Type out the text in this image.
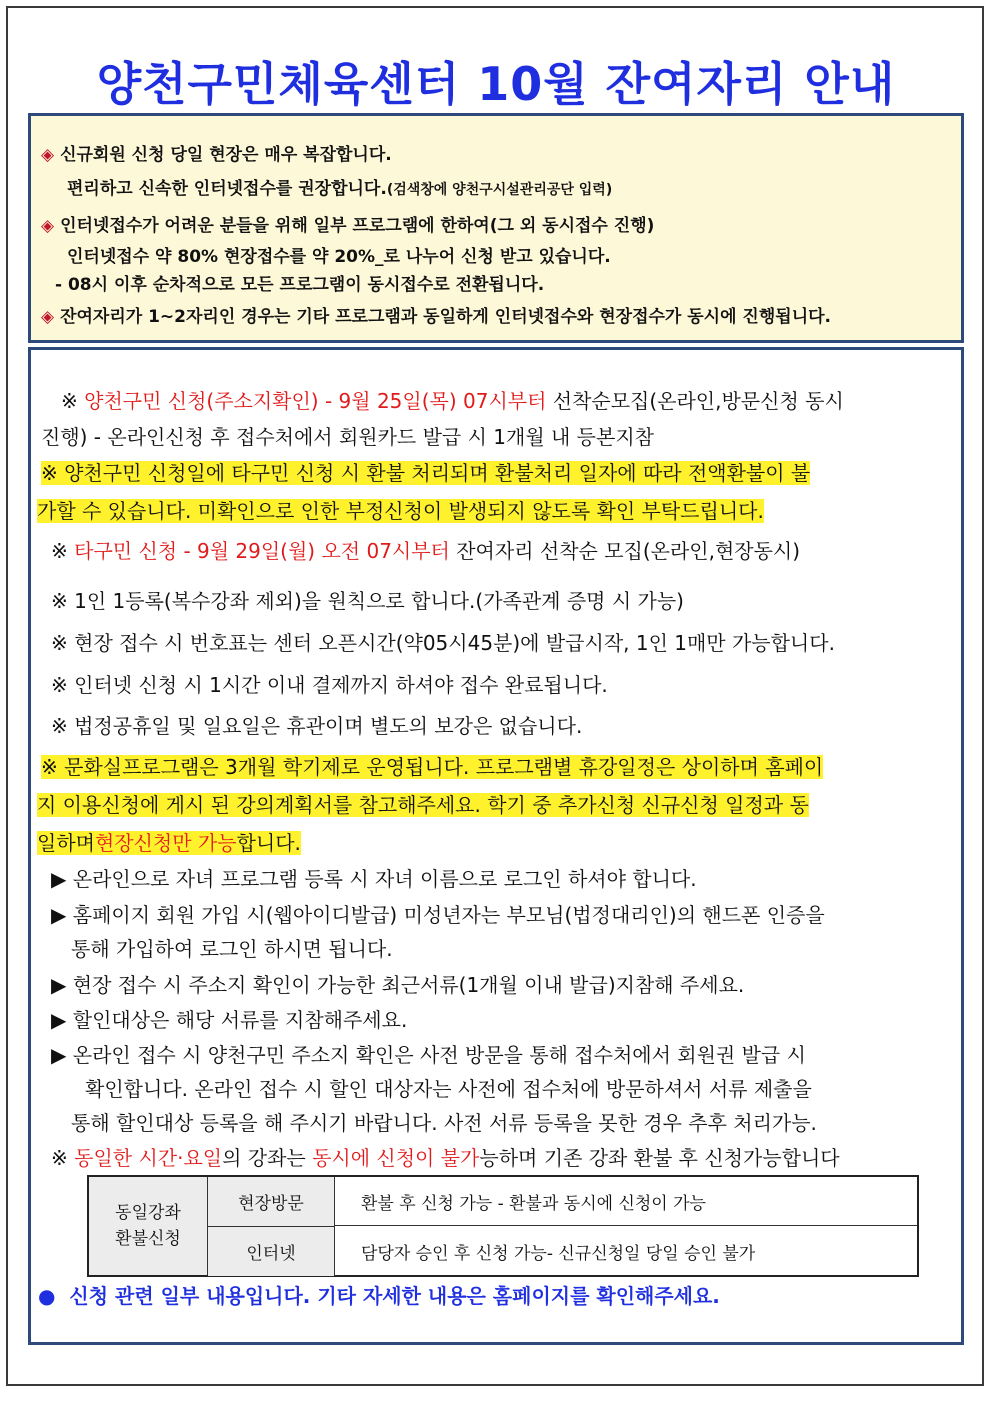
양천구민체육센터 10월 잔여자리 안내
◈ 신규회원 신청 당일 현장은 매우 복잡합니다.
편리하고 신속한 인터넷접수를 권장합니다.(검색창에 양천구시설관리공단 입력)
◈ 인터넷접수가 어려운 분들을 위해 일부 프로그램에 한하여(그 외 동시접수 진행)
인터넷접수 약 80% 현장접수를 약 20%_로 나누어 신청 받고 있습니다.
- 08시 이후 순차적으로 모든 프로그램이 동시접수로 전환됩니다.
◈ 잔여자리가 1~2자리인 경우는 기타 프로그램과 동일하게 인터넷접수와 현장접수가 동시에 진행됩니다.
※ 양천구민 신청(주소지확인) - 9월 25일(목) 07시부터 선착순모집(온라인,방문신청 동시
진행) - 온라인신청 후 접수처에서 회원카드 발급 시 1개월 내 등본지참
※ 양천구민 신청일에 타구민 신청 시 환불 처리되며 환불처리 일자에 따라 전액환불이 불
가할 수 있습니다. 미확인으로 인한 부정신청이 발생되지 않도록 확인 부탁드립니다.
※ 타구민 신청 - 9월 29일(월) 오전 07시부터 잔여자리 선착순 모집(온라인,현장동시)
※ 1인 1등록(복수강좌 제외)을 원칙으로 합니다.(가족관계 증명 시 가능)
※ 현장 접수 시 번호표는 센터 오픈시간(약05시45분)에 발급시작, 1인 1매만 가능합니다.
※ 인터넷 신청 시 1시간 이내 결제까지 하셔야 접수 완료됩니다.
※ 법정공휴일 및 일요일은 휴관이며 별도의 보강은 없습니다.
※ 문화실프로그램은 3개월 학기제로 운영됩니다. 프로그램별 휴강일정은 상이하며 홈페이
지 이용신청에 게시 된 강의계획서를 참고해주세요. 학기 중 추가신청 신규신청 일정과 동
일하며현장신청만 가능합니다.
▶ 온라인으로 자녀 프로그램 등록 시 자녀 이름으로 로그인 하셔야 합니다.
▶ 홈페이지 회원 가입 시(웹아이디발급) 미성년자는 부모님(법정대리인)의 핸드폰 인증을
통해 가입하여 로그인 하시면 됩니다.
▶ 현장 접수 시 주소지 확인이 가능한 최근서류(1개월 이내 발급)지참해 주세요.
▶ 할인대상은 해당 서류를 지참해주세요.
▶ 온라인 접수 시 양천구민 주소지 확인은 사전 방문을 통해 접수처에서 회원권 발급 시
확인합니다. 온라인 접수 시 할인 대상자는 사전에 접수처에 방문하셔서 서류 제출을
통해 할인대상 등록을 해 주시기 바랍니다. 사전 서류 등록을 못한 경우 추후 처리가능.
※ 동일한 시간·요일의 강좌는 동시에 신청이 불가능하며 기존 강좌 환불 후 신청가능합니다
동일강좌
환불신청
현장방문	환불 후 신청 가능 - 환불과 동시에 신청이 가능
인터넷	담당자 승인 후 신청 가능- 신규신청일 당일 승인 불가
● 신청 관련 일부 내용입니다. 기타 자세한 내용은 홈페이지를 확인해주세요.
